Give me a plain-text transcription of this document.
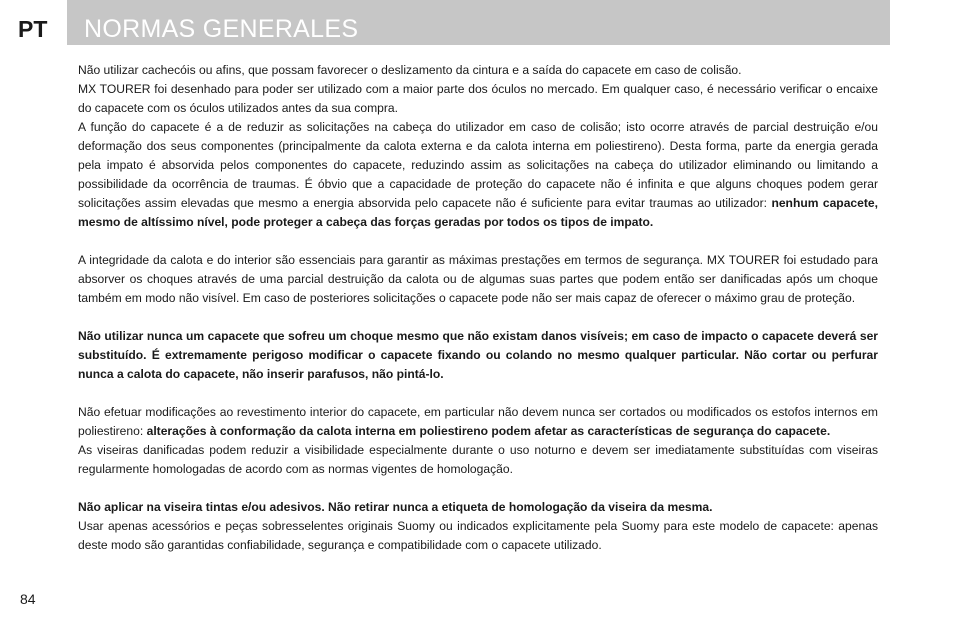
PT NORMAS GENERALES

Não utilizar cachecóis ou afins, que possam favorecer o deslizamento da cintura e a saída do capacete em caso de colisão.

MX TOURER foi desenhado para poder ser utilizado com a maior parte dos óculos no mercado. Em qualquer caso, é necessário verificar o encaixe do capacete com os óculos utilizados antes da sua compra.

A função do capacete é a de reduzir as solicitações na cabeça do utilizador em caso de colisão; isto ocorre através de parcial destruição e/ou deformação dos seus componentes (principalmente da calota externa e da calota interna em poliestireno). Desta forma, parte da energia gerada pela impato é absorvida pelos componentes do capacete, reduzindo assim as solicitações na cabeça do utilizador eliminando ou limitando a possibilidade da ocorrência de traumas. É óbvio que a capacidade de proteção do capacete não é infinita e que alguns choques podem gerar solicitações assim elevadas que mesmo a energia absorvida pelo capacete não é suficiente para evitar traumas ao utilizador: nenhum capacete, mesmo de altíssimo nível, pode proteger a cabeça das forças geradas por todos os tipos de impato.

A integridade da calota e do interior são essenciais para garantir as máximas prestações em termos de segurança. MX TOURER foi estudado para absorver os choques através de uma parcial destruição da calota ou de algumas suas partes que podem então ser danificadas após um choque também em modo não visível. Em caso de posteriores solicitações o capacete pode não ser mais capaz de oferecer o máximo grau de proteção.

Não utilizar nunca um capacete que sofreu um choque mesmo que não existam danos visíveis; em caso de impacto o capacete deverá ser substituído. É extremamente perigoso modificar o capacete fixando ou colando no mesmo qualquer particular. Não cortar ou perfurar nunca a calota do capacete, não inserir parafusos, não pintá-lo.

Não efetuar modificações ao revestimento interior do capacete, em particular não devem nunca ser cortados ou modificados os estofos internos em poliestireno: alterações à conformação da calota interna em poliestireno podem afetar as características de segurança do capacete.

As viseiras danificadas podem reduzir a visibilidade especialmente durante o uso noturno e devem ser imediatamente substituídas com viseiras regularmente homologadas de acordo com as normas vigentes de homologação.

Não aplicar na viseira tintas e/ou adesivos. Não retirar nunca a etiqueta de homologação da viseira da mesma.

Usar apenas acessórios e peças sobresselentes originais Suomy ou indicados explicitamente pela Suomy para este modelo de capacete: apenas deste modo são garantidas confiabilidade, segurança e compatibilidade com o capacete utilizado.

84
